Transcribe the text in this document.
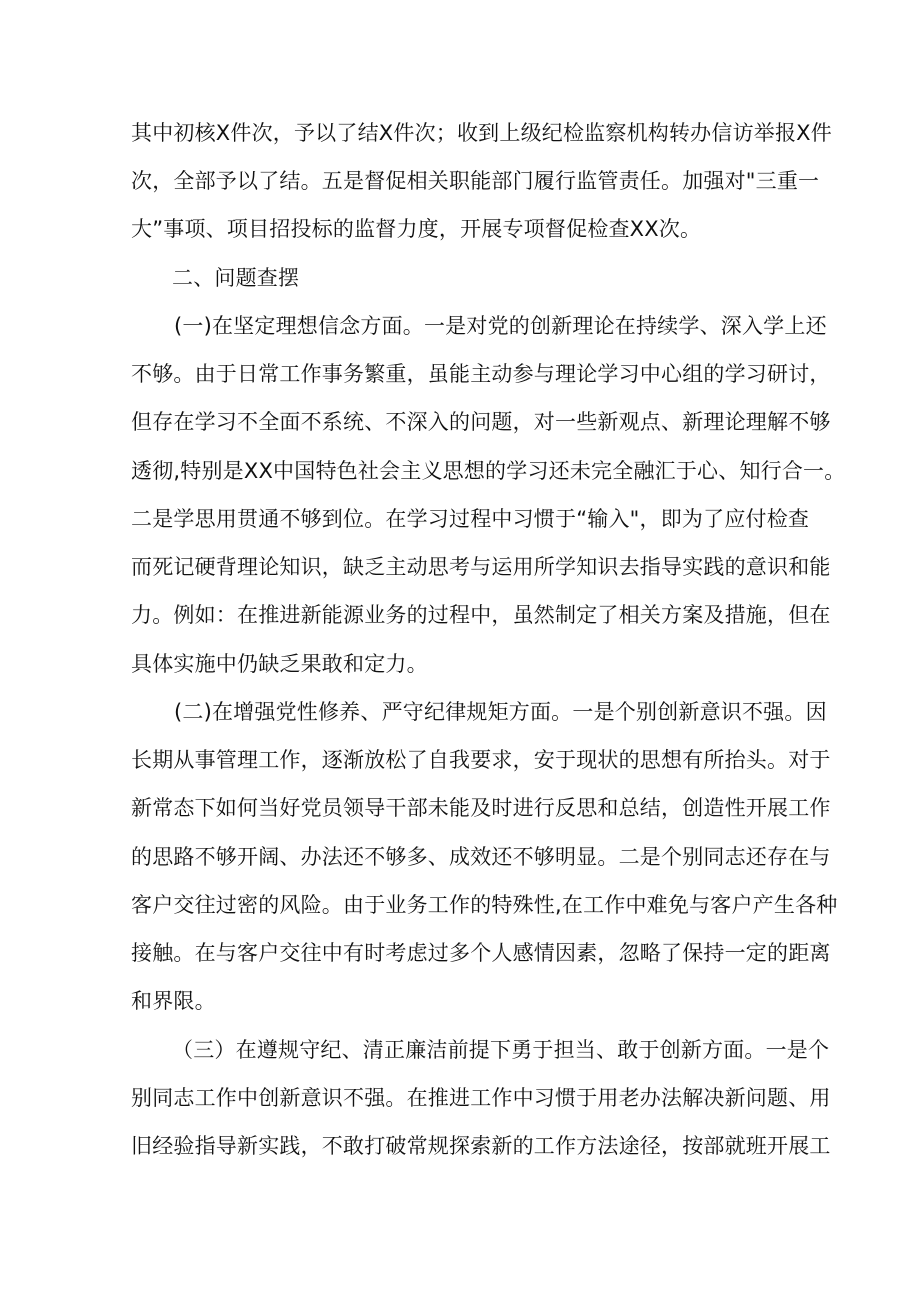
其中初核X件次，予以了结X件次；收到上级纪检监察机构转办信访举报X件
次，全部予以了结。五是督促相关职能部门履行监管责任。加强对"三重一
大”事项、项目招投标的监督力度，开展专项督促检查XX次。
二、问题查摆
(一)在坚定理想信念方面。一是对党的创新理论在持续学、深入学上还
不够。由于日常工作事务繁重，虽能主动参与理论学习中心组的学习研讨，
但存在学习不全面不系统、不深入的问题，对一些新观点、新理论理解不够
透彻,特别是XX中国特色社会主义思想的学习还未完全融汇于心、知行合一。
二是学思用贯通不够到位。在学习过程中习惯于“输入"，即为了应付检查
而死记硬背理论知识，缺乏主动思考与运用所学知识去指导实践的意识和能
力。例如：在推进新能源业务的过程中，虽然制定了相关方案及措施，但在
具体实施中仍缺乏果敢和定力。
(二)在增强党性修养、严守纪律规矩方面。一是个别创新意识不强。因
长期从事管理工作，逐渐放松了自我要求，安于现状的思想有所抬头。对于
新常态下如何当好党员领导干部未能及时进行反思和总结，创造性开展工作
的思路不够开阔、办法还不够多、成效还不够明显。二是个别同志还存在与
客户交往过密的风险。由于业务工作的特殊性,在工作中难免与客户产生各种
接触。在与客户交往中有时考虑过多个人感情因素，忽略了保持一定的距离
和界限。
（三）在遵规守纪、清正廉洁前提下勇于担当、敢于创新方面。一是个
别同志工作中创新意识不强。在推进工作中习惯于用老办法解决新问题、用
旧经验指导新实践，不敢打破常规探索新的工作方法途径，按部就班开展工
